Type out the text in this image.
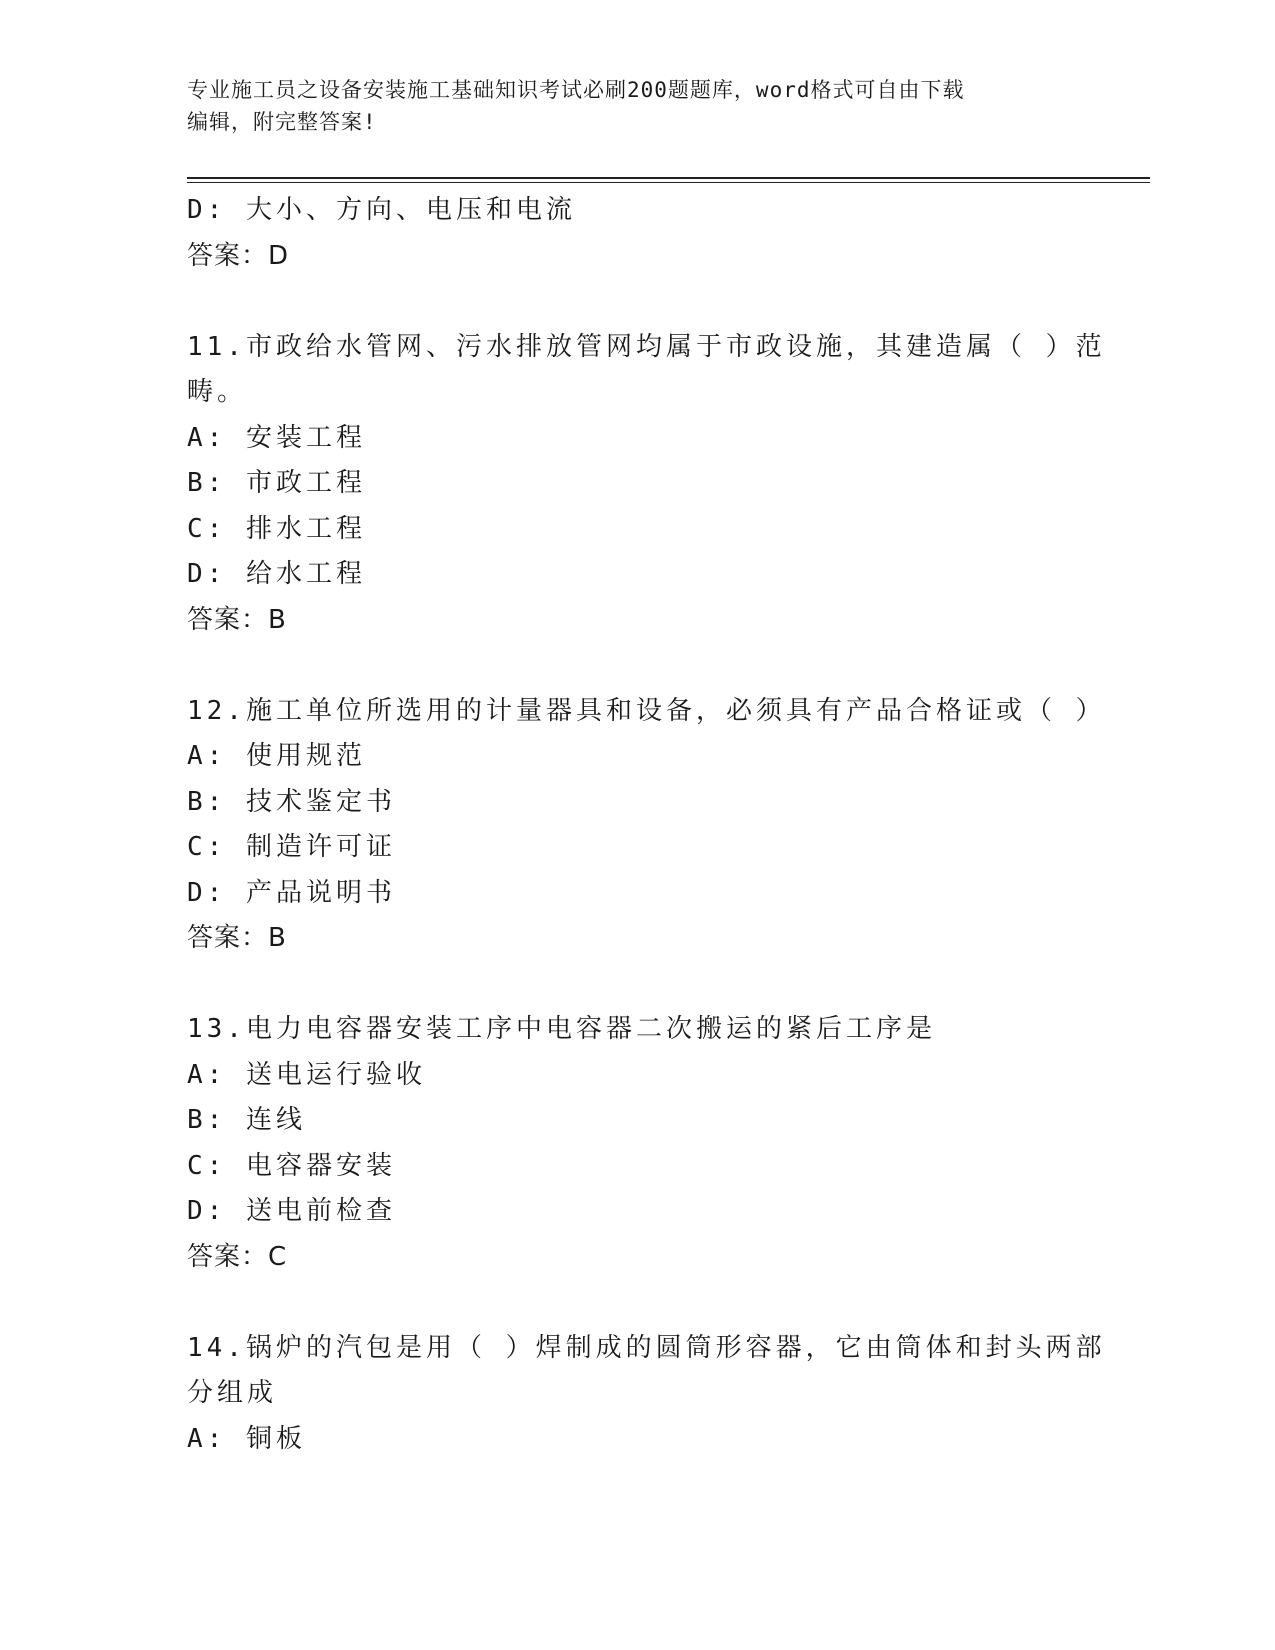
专业施工员之设备安装施工基础知识考试必刷200题题库，word格式可自由下载
编辑，附完整答案!
D: 大小、方向、电压和电流
答案：D
11.市政给水管网、污水排放管网均属于市政设施，其建造属（ ）范
畴。
A: 安装工程
B: 市政工程
C: 排水工程
D: 给水工程
答案：B
12.施工单位所选用的计量器具和设备，必须具有产品合格证或（ ）
A: 使用规范
B: 技术鉴定书
C: 制造许可证
D: 产品说明书
答案：B
13.电力电容器安装工序中电容器二次搬运的紧后工序是
A: 送电运行验收
B: 连线
C: 电容器安装
D: 送电前检查
答案：C
14.锅炉的汽包是用（ ）焊制成的圆筒形容器，它由筒体和封头两部
分组成
A: 铜板
